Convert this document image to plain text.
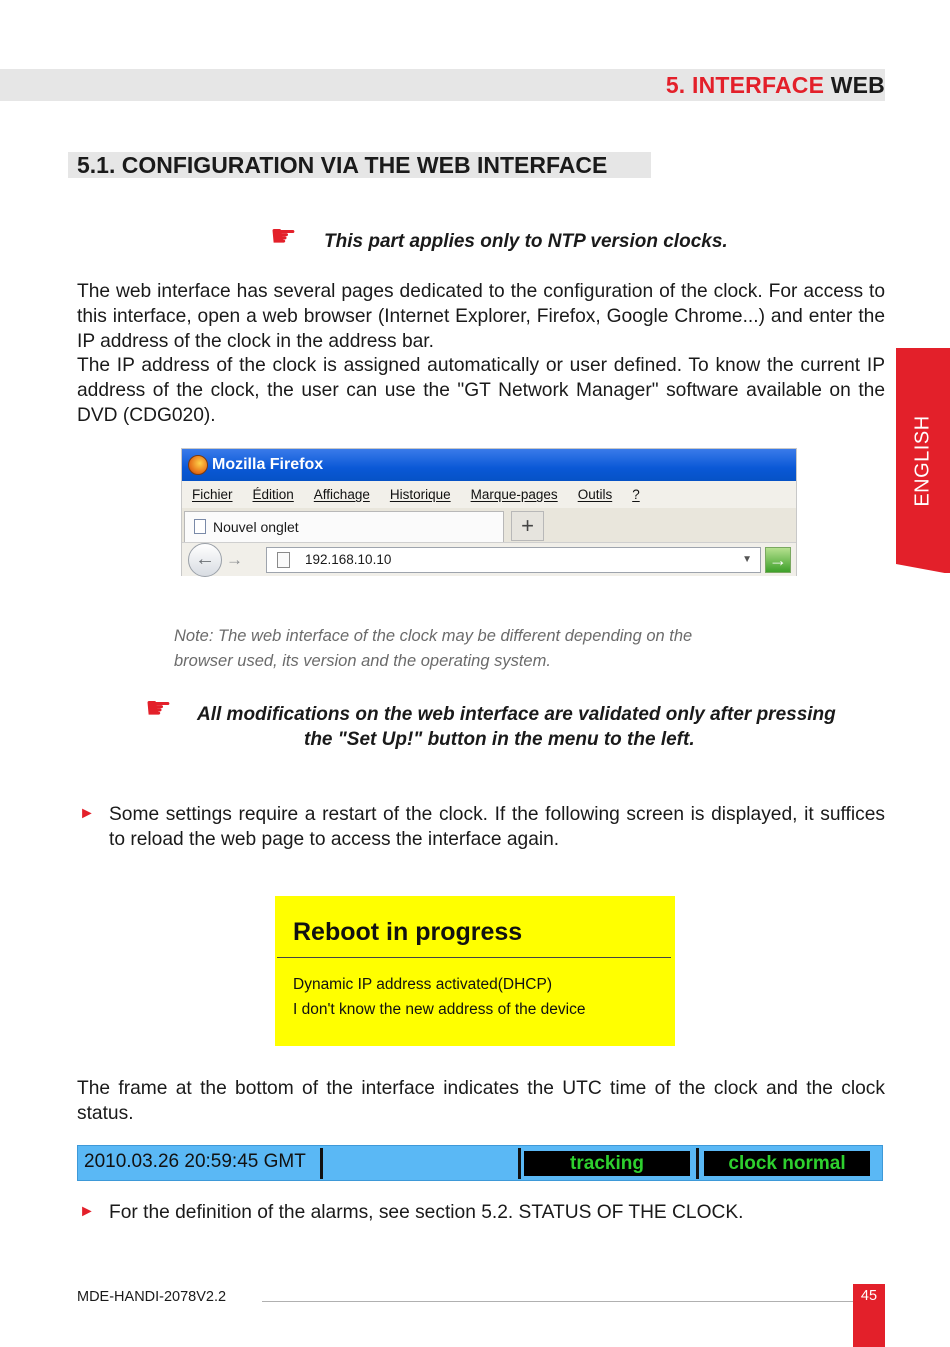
5. INTERFACE WEB
ENGLISH
5.1. CONFIGURATION VIA THE WEB INTERFACE
☛ This part applies only to NTP version clocks.
The web interface has several pages dedicated to the configuration of the clock. For access to this interface, open a web browser (Internet Explorer, Firefox, Google Chrome...) and enter the IP address of the clock in the address bar.
The IP address of the clock is assigned automatically or user defined. To know the current IP address of the clock, the user can use the "GT Network Manager" software available on the DVD (CDG020).
Mozilla Firefox
Fichier Édition Affichage Historique Marque-pages Outils ?
Nouvel onglet	+
← →	192.168.10.10	▼ →
Note: The web interface of the clock may be different depending on the
browser used, its version and the operating system.
☛ All modifications on the web interface are validated only after pressing
the "Set Up!" button in the menu to the left.
► Some settings require a restart of the clock. If the following screen is displayed, it suffices to reload the web page to access the interface again.
Reboot in progress
Dynamic IP address activated(DHCP)
I don't know the new address of the device
The frame at the bottom of the interface indicates the UTC time of the clock and the clock status.
2010.03.26 20:59:45 GMT	tracking	clock normal
► For the definition of the alarms, see section 5.2. STATUS OF THE CLOCK.
MDE-HANDI-2078V2.2	45
